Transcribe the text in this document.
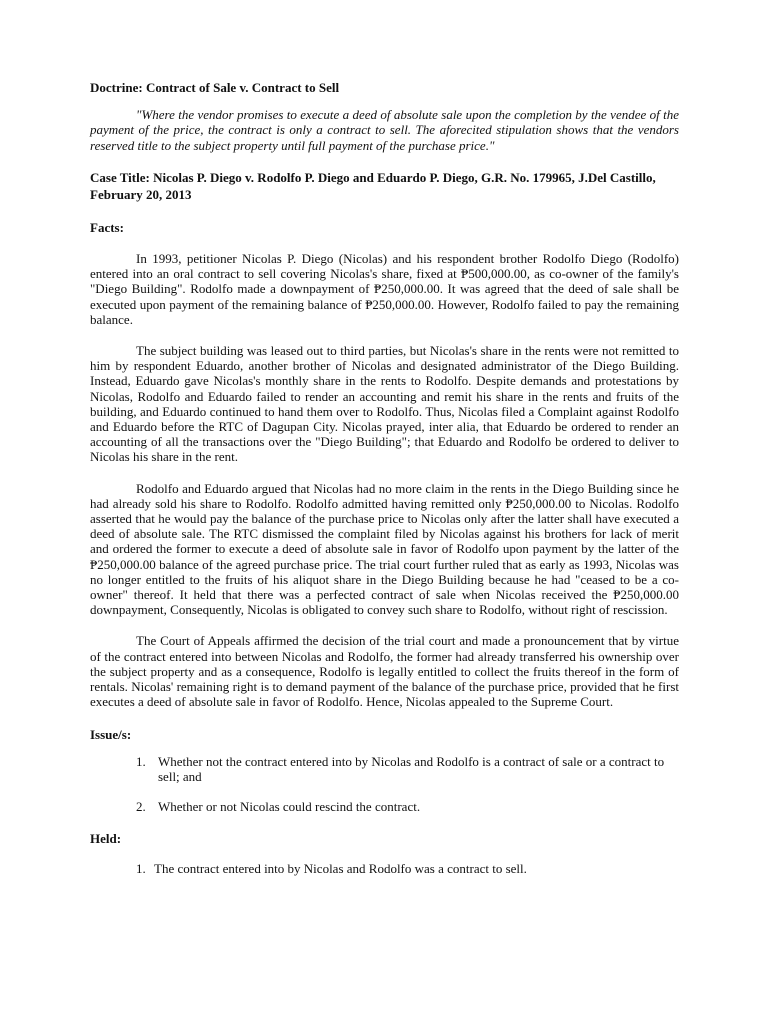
Doctrine: Contract of Sale v. Contract to Sell

"Where the vendor promises to execute a deed of absolute sale upon the completion by the vendee of the payment of the price, the contract is only a contract to sell. The aforecited stipulation shows that the vendors reserved title to the subject property until full payment of the purchase price."

Case Title: Nicolas P. Diego v. Rodolfo P. Diego and Eduardo P. Diego, G.R. No. 179965, J.Del Castillo, February 20, 2013

Facts:

In 1993, petitioner Nicolas P. Diego (Nicolas) and his respondent brother Rodolfo Diego (Rodolfo) entered into an oral contract to sell covering Nicolas's share, fixed at ₱500,000.00, as co-owner of the family's "Diego Building". Rodolfo made a downpayment of ₱250,000.00. It was agreed that the deed of sale shall be executed upon payment of the remaining balance of ₱250,000.00. However, Rodolfo failed to pay the remaining balance.

The subject building was leased out to third parties, but Nicolas's share in the rents were not remitted to him by respondent Eduardo, another brother of Nicolas and designated administrator of the Diego Building. Instead, Eduardo gave Nicolas's monthly share in the rents to Rodolfo. Despite demands and protestations by Nicolas, Rodolfo and Eduardo failed to render an accounting and remit his share in the rents and fruits of the building, and Eduardo continued to hand them over to Rodolfo. Thus, Nicolas filed a Complaint against Rodolfo and Eduardo before the RTC of Dagupan City. Nicolas prayed, inter alia, that Eduardo be ordered to render an accounting of all the transactions over the "Diego Building"; that Eduardo and Rodolfo be ordered to deliver to Nicolas his share in the rent.

Rodolfo and Eduardo argued that Nicolas had no more claim in the rents in the Diego Building since he had already sold his share to Rodolfo. Rodolfo admitted having remitted only ₱250,000.00 to Nicolas. Rodolfo asserted that he would pay the balance of the purchase price to Nicolas only after the latter shall have executed a deed of absolute sale. The RTC dismissed the complaint filed by Nicolas against his brothers for lack of merit and ordered the former to execute a deed of absolute sale in favor of Rodolfo upon payment by the latter of the ₱250,000.00 balance of the agreed purchase price. The trial court further ruled that as early as 1993, Nicolas was no longer entitled to the fruits of his aliquot share in the Diego Building because he had "ceased to be a co-owner" thereof. It held that there was a perfected contract of sale when Nicolas received the ₱250,000.00 downpayment, Consequently, Nicolas is obligated to convey such share to Rodolfo, without right of rescission.

The Court of Appeals affirmed the decision of the trial court and made a pronouncement that by virtue of the contract entered into between Nicolas and Rodolfo, the former had already transferred his ownership over the subject property and as a consequence, Rodolfo is legally entitled to collect the fruits thereof in the form of rentals. Nicolas' remaining right is to demand payment of the balance of the purchase price, provided that he first executes a deed of absolute sale in favor of Rodolfo. Hence, Nicolas appealed to the Supreme Court.

Issue/s:

1. Whether not the contract entered into by Nicolas and Rodolfo is a contract of sale or a contract to sell; and
2. Whether or not Nicolas could rescind the contract.

Held:

1. The contract entered into by Nicolas and Rodolfo was a contract to sell.
